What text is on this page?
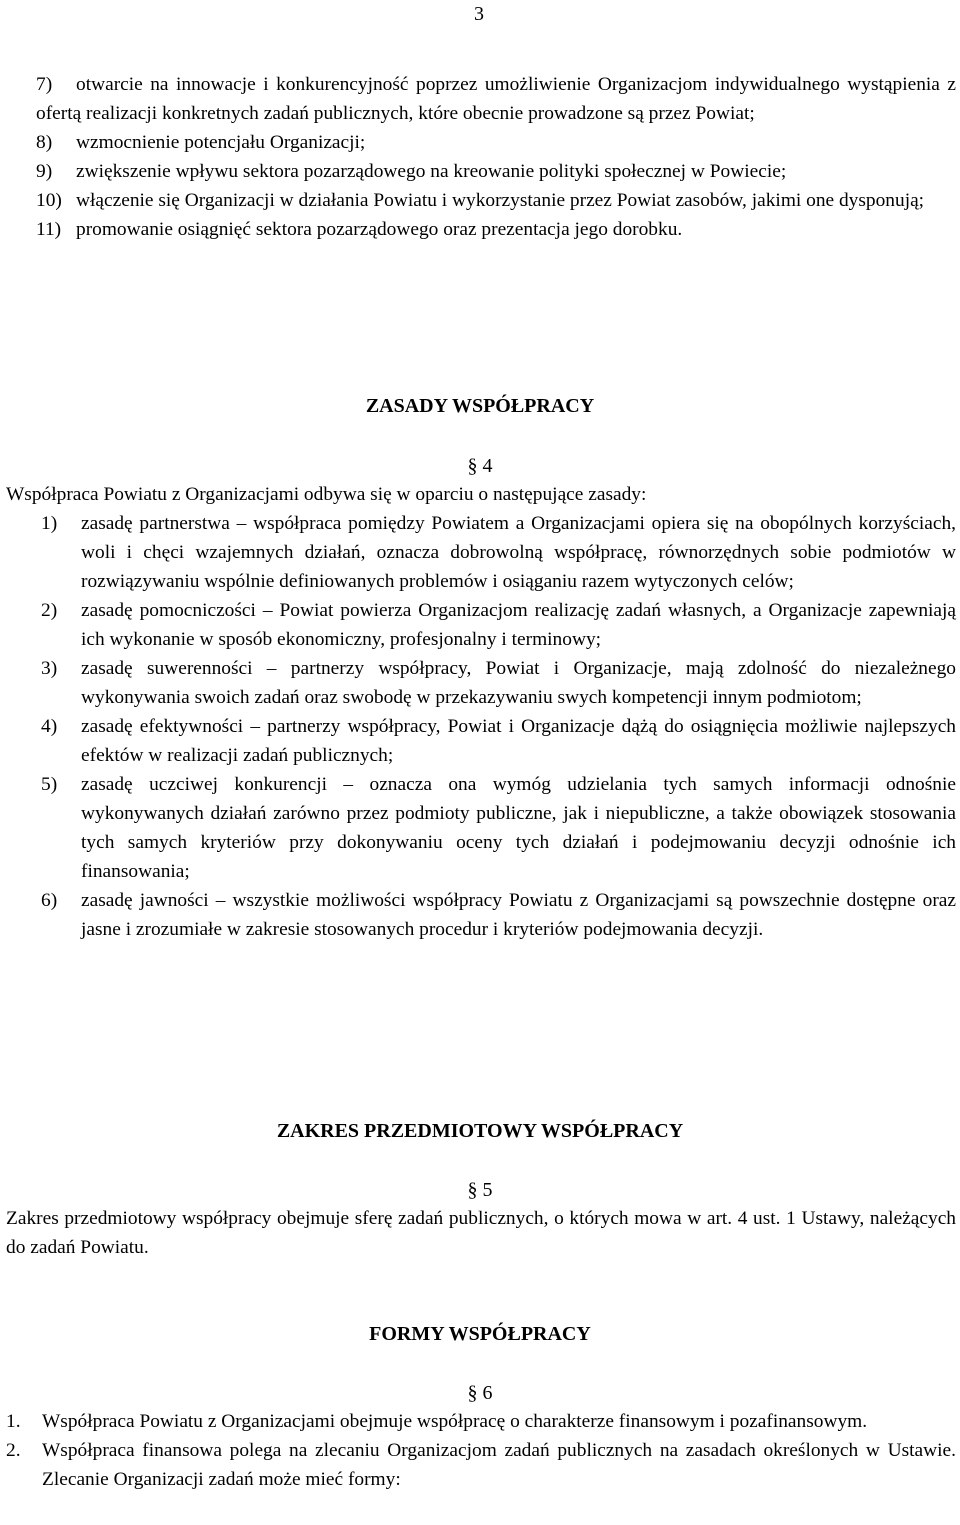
3
7)	otwarcie na innowacje i konkurencyjność poprzez umożliwienie Organizacjom indywidualnego wystąpienia z ofertą realizacji konkretnych zadań publicznych, które obecnie prowadzone są przez Powiat;
8)	wzmocnienie potencjału Organizacji;
9)	zwiększenie wpływu sektora pozarządowego na kreowanie polityki społecznej w Powiecie;
10) włączenie się Organizacji w działania Powiatu i wykorzystanie przez Powiat zasobów, jakimi one dysponują;
11) promowanie osiągnięć sektora pozarządowego oraz prezentacja jego dorobku.
ZASADY WSPÓŁPRACY
§ 4
Współpraca Powiatu z Organizacjami odbywa się w oparciu o następujące zasady:
1)	zasadę partnerstwa – współpraca pomiędzy Powiatem a Organizacjami opiera się na obopólnych korzyściach, woli i chęci wzajemnych działań, oznacza dobrowolną współpracę, równorzędnych sobie podmiotów w rozwiązywaniu wspólnie definiowanych problemów i osiąganiu razem wytyczonych celów;
2)	zasadę pomocniczości – Powiat powierza Organizacjom realizację zadań własnych, a Organizacje zapewniają ich wykonanie w sposób ekonomiczny, profesjonalny i terminowy;
3)	zasadę suwerenności – partnerzy współpracy, Powiat i Organizacje, mają zdolność do niezależnego wykonywania swoich zadań oraz swobodę w przekazywaniu swych kompetencji innym podmiotom;
4)	zasadę efektywności – partnerzy współpracy, Powiat i Organizacje dążą do osiągnięcia możliwie najlepszych efektów w realizacji zadań publicznych;
5)	zasadę uczciwej konkurencji – oznacza ona wymóg udzielania tych samych informacji odnośnie wykonywanych działań zarówno przez podmioty publiczne, jak i niepubliczne, a także obowiązek stosowania tych samych kryteriów przy dokonywaniu oceny tych działań i podejmowaniu decyzji odnośnie ich finansowania;
6)	zasadę jawności – wszystkie możliwości współpracy Powiatu z Organizacjami są powszechnie dostępne oraz jasne i zrozumiałe w zakresie stosowanych procedur i kryteriów podejmowania decyzji.
ZAKRES PRZEDMIOTOWY WSPÓŁPRACY
§ 5
Zakres przedmiotowy współpracy obejmuje sferę zadań publicznych, o których mowa w art. 4 ust. 1 Ustawy, należących do zadań Powiatu.
FORMY WSPÓŁPRACY
§ 6
1.	Współpraca Powiatu z Organizacjami obejmuje współpracę o charakterze finansowym i pozafinansowym.
2.	Współpraca finansowa polega na zlecaniu Organizacjom zadań publicznych na zasadach określonych w Ustawie. Zlecanie Organizacji zadań może mieć formy:
